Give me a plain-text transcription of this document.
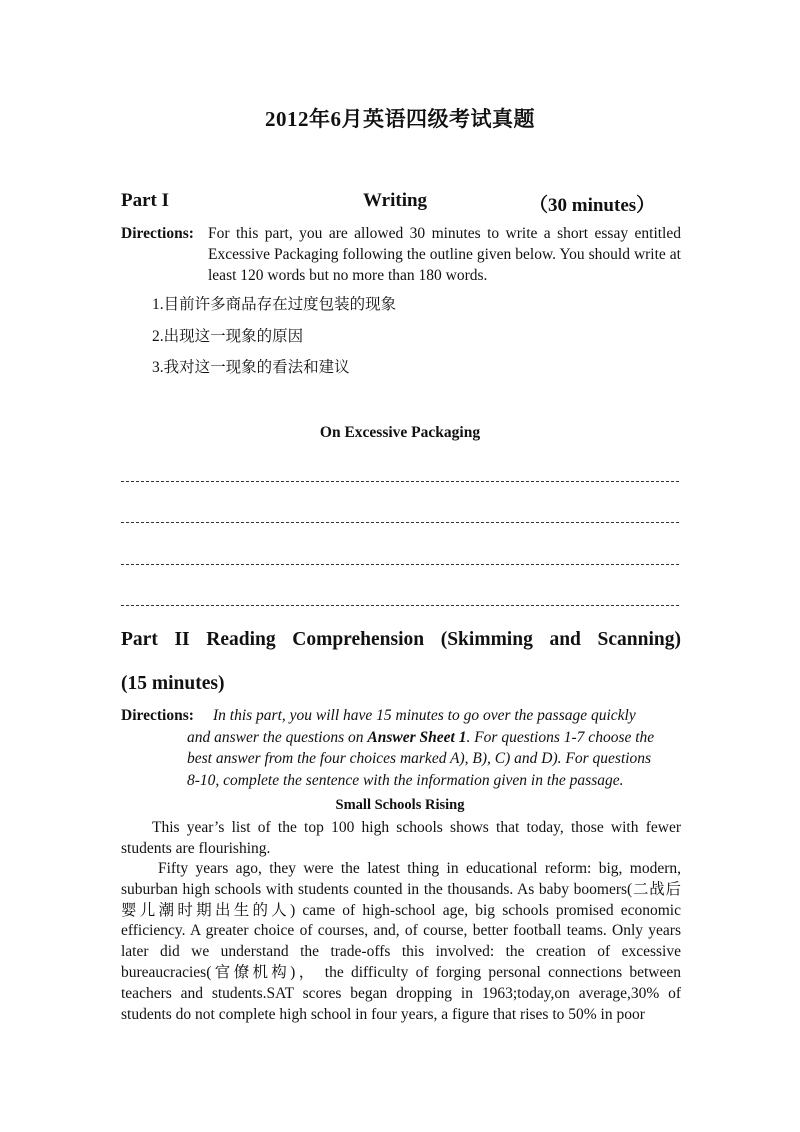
2012年6月英语四级考试真题
Part I	Writing	（30 minutes）
Directions: For this part, you are allowed 30 minutes to write a short essay entitled Excessive Packaging following the outline given below. You should write at least 120 words but no more than 180 words.
1.目前许多商品存在过度包装的现象
2.出现这一现象的原因
3.我对这一现象的看法和建议
On Excessive Packaging
Part II Reading Comprehension (Skimming and Scanning)
(15 minutes)
Directions: In this part, you will have 15 minutes to go over the passage quickly
and answer the questions on Answer Sheet 1. For questions 1-7 choose the
best answer from the four choices marked A), B), C) and D). For questions
8-10, complete the sentence with the information given in the passage.
Small Schools Rising
This year’s list of the top 100 high schools shows that today, those with fewer students are flourishing.
Fifty years ago, they were the latest thing in educational reform: big, modern, suburban high schools with students counted in the thousands. As baby boomers(二战后婴儿潮时期出生的人) came of high-school age, big schools promised economic efficiency. A greater choice of courses, and, of course, better football teams. Only years later did we understand the trade-offs this involved: the creation of excessive bureaucracies(官僚机构)， the difficulty of forging personal connections between teachers and students.SAT scores began dropping in 1963;today,on average,30% of students do not complete high school in four years, a figure that rises to 50% in poor
